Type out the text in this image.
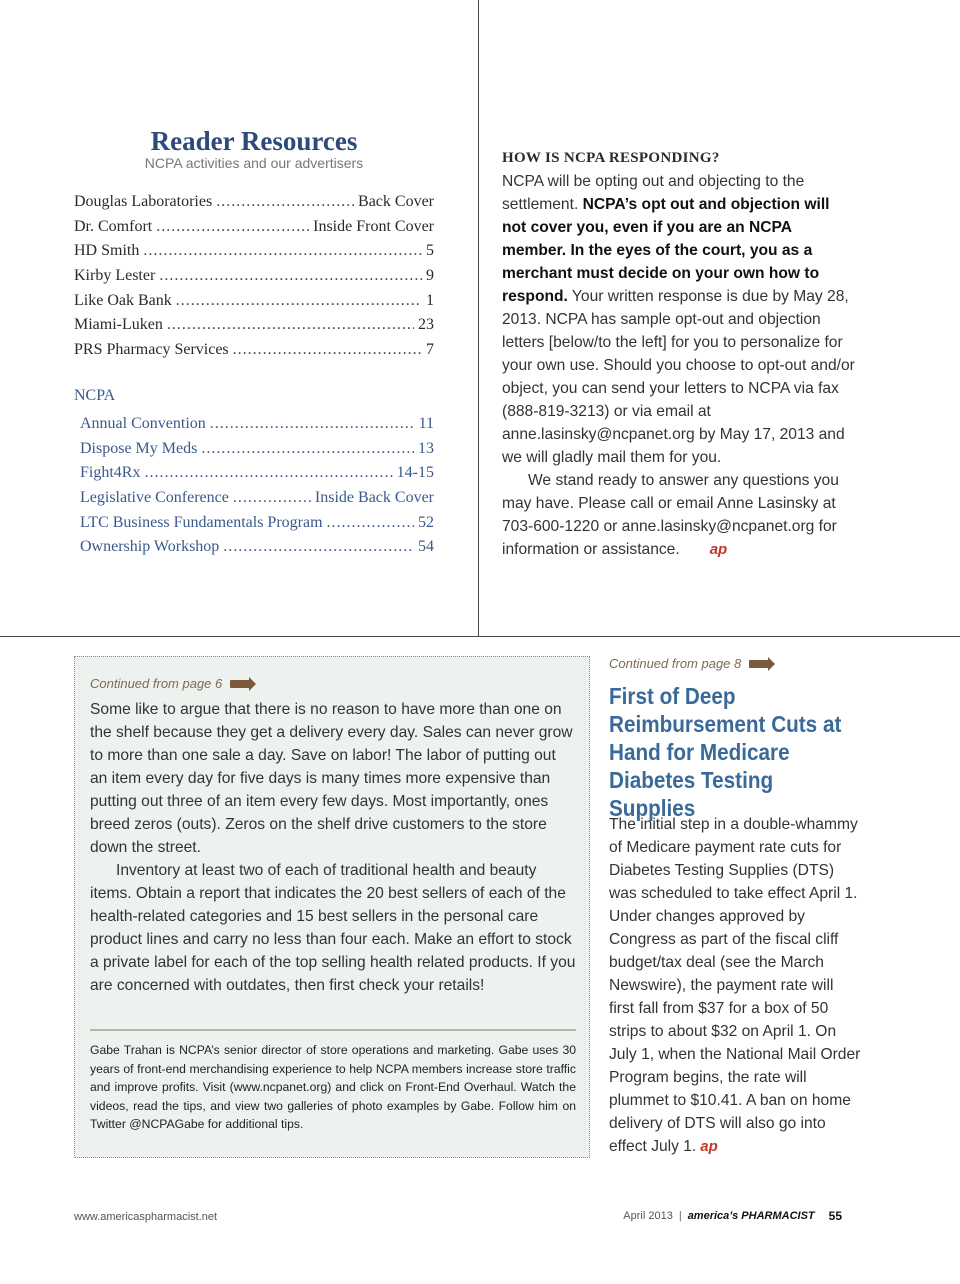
Reader Resources
NCPA activities and our advertisers
Douglas Laboratories .....	Back Cover
Dr. Comfort .....	Inside Front Cover
HD Smith .....	5
Kirby Lester .....	9
Like Oak Bank .....	1
Miami-Luken .....	23
PRS Pharmacy Services .....	7
NCPA
Annual Convention .....	11
Dispose My Meds .....	13
Fight4Rx .....	14-15
Legislative Conference .....	Inside Back Cover
LTC Business Fundamentals Program .....	52
Ownership Workshop .....	54
HOW IS NCPA RESPONDING?

NCPA will be opting out and objecting to the settlement. NCPA’s opt out and objection will not cover you, even if you are an NCPA member. In the eyes of the court, you as a merchant must decide on your own how to respond. Your written response is due by May 28, 2013. NCPA has sample opt-out and objection letters [below/to the left] for you to personalize for your own use. Should you choose to opt-out and/or object, you can send your letters to NCPA via fax (888-819-3213) or via email at anne.lasinsky@ncpanet.org by May 17, 2013 and we will gladly mail them for you.

We stand ready to answer any questions you may have. Please call or email Anne Lasinsky at 703-600-1220 or anne.lasinsky@ncpanet.org for information or assistance. ap

Continued from page 6

Some like to argue that there is no reason to have more than one on the shelf because they get a delivery every day. Sales can never grow to more than one sale a day. Save on labor! The labor of putting out an item every day for five days is many times more expensive than putting out three of an item every few days. Most importantly, ones breed zeros (outs). Zeros on the shelf drive customers to the store down the street.

Inventory at least two of each of traditional health and beauty items. Obtain a report that indicates the 20 best sellers of each of the health-related categories and 15 best sellers in the personal care product lines and carry no less than four each. Make an effort to stock a private label for each of the top selling health related products. If you are concerned with outdates, then first check your retails!

Gabe Trahan is NCPA’s senior director of store operations and marketing. Gabe uses 30 years of front-end merchandising experience to help NCPA members increase store traffic and improve profits. Visit (www.ncpanet.org) and click on Front-End Overhaul. Watch the videos, read the tips, and view two galleries of photo examples by Gabe. Follow him on Twitter @NCPAGabe for additional tips.
Continued from page 8
First of Deep Reimbursement Cuts at Hand for Medicare Diabetes Testing Supplies
The initial step in a double-whammy of Medicare payment rate cuts for Diabetes Testing Supplies (DTS) was scheduled to take effect April 1. Under changes approved by Congress as part of the fiscal cliff budget/tax deal (see the March Newswire), the payment rate will first fall from $37 for a box of 50 strips to about $32 on April 1. On July 1, when the National Mail Order Program begins, the rate will plummet to $10.41. A ban on home delivery of DTS will also go into effect July 1. ap
www.americaspharmacist.net	April 2013 | america’s PHARMACIST 55
